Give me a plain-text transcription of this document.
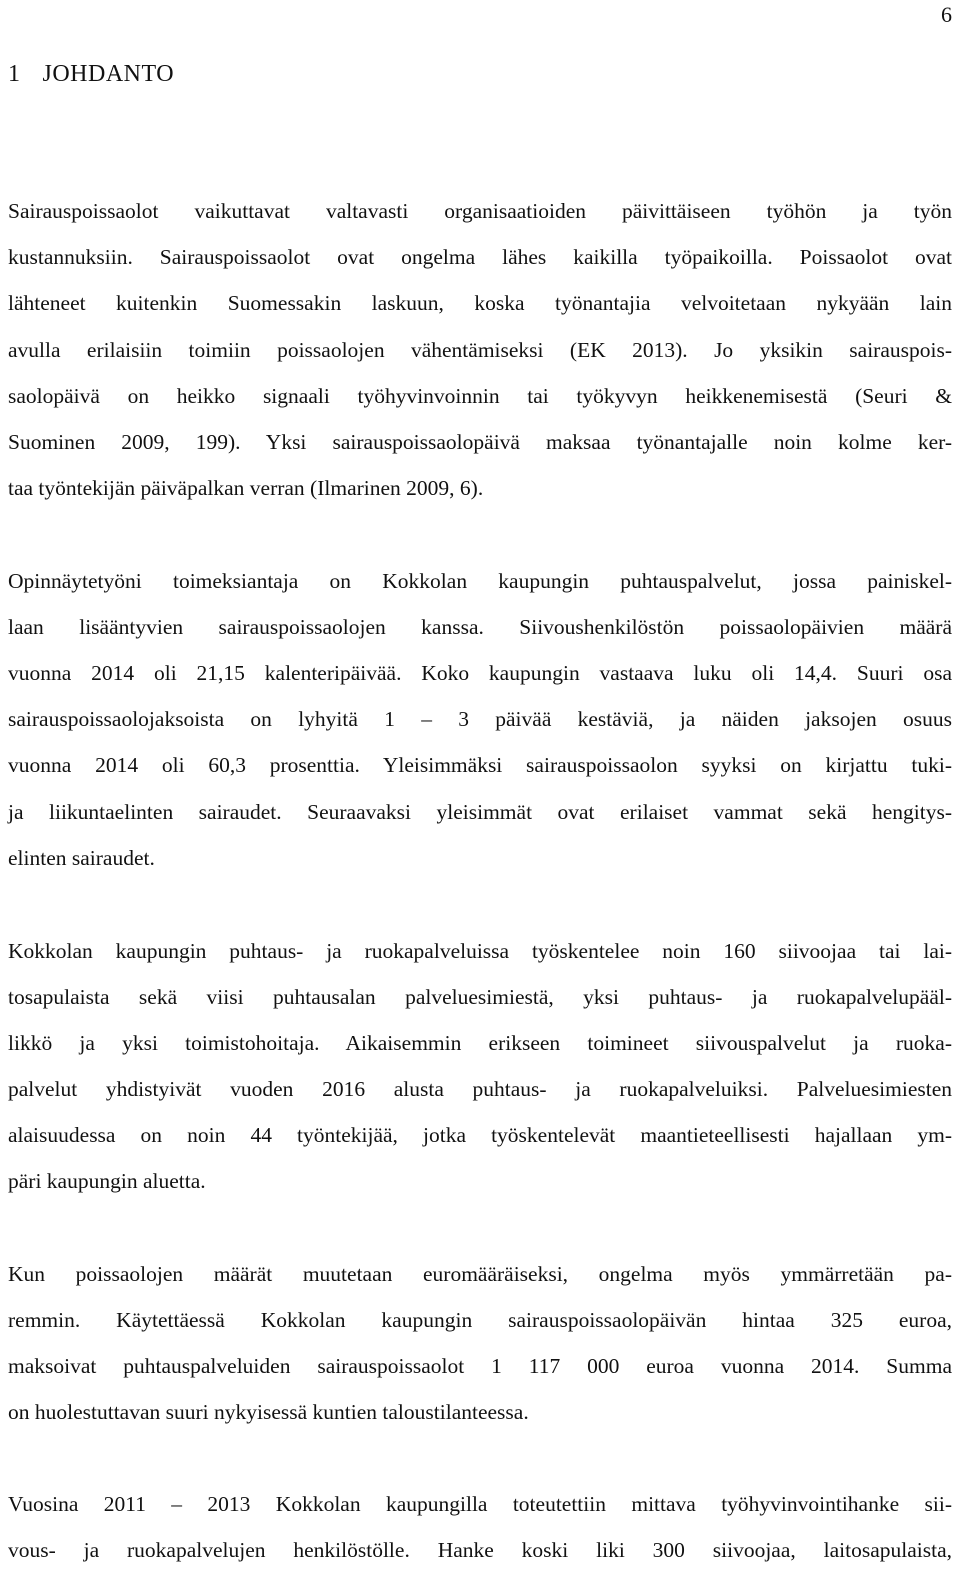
6
1 JOHDANTO
Sairauspoissaolot vaikuttavat valtavasti organisaatioiden päivittäiseen työhön ja työn
kustannuksiin. Sairauspoissaolot ovat ongelma lähes kaikilla työpaikoilla. Poissaolot ovat
lähteneet kuitenkin Suomessakin laskuun, koska työnantajia velvoitetaan nykyään lain
avulla erilaisiin toimiin poissaolojen vähentämiseksi (EK 2013). Jo yksikin sairauspois-
saolopäivä on heikko signaali työhyvinvoinnin tai työkyvyn heikkenemisestä (Seuri &
Suominen 2009, 199). Yksi sairauspoissaolopäivä maksaa työnantajalle noin kolme ker-
taa työntekijän päiväpalkan verran (Ilmarinen 2009, 6).
Opinnäytetyöni toimeksiantaja on Kokkolan kaupungin puhtauspalvelut, jossa painiskel-
laan lisääntyvien sairauspoissaolojen kanssa. Siivoushenkilöstön poissaolopäivien määrä
vuonna 2014 oli 21,15 kalenteripäivää. Koko kaupungin vastaava luku oli 14,4. Suuri osa
sairauspoissaolojaksoista on lyhyitä 1 – 3 päivää kestäviä, ja näiden jaksojen osuus
vuonna 2014 oli 60,3 prosenttia. Yleisimmäksi sairauspoissaolon syyksi on kirjattu tuki-
ja liikuntaelinten sairaudet. Seuraavaksi yleisimmät ovat erilaiset vammat sekä hengitys-
elinten sairaudet.
Kokkolan kaupungin puhtaus- ja ruokapalveluissa työskentelee noin 160 siivoojaa tai lai-
tosapulaista sekä viisi puhtausalan palveluesimiestä, yksi puhtaus- ja ruokapalvelupääl-
likkö ja yksi toimistohoitaja. Aikaisemmin erikseen toimineet siivouspalvelut ja ruoka-
palvelut yhdistyivät vuoden 2016 alusta puhtaus- ja ruokapalveluiksi. Palveluesimiesten
alaisuudessa on noin 44 työntekijää, jotka työskentelevät maantieteellisesti hajallaan ym-
päri kaupungin aluetta.
Kun poissaolojen määrät muutetaan euromääräiseksi, ongelma myös ymmärretään pa-
remmin. Käytettäessä Kokkolan kaupungin sairauspoissaolopäivän hintaa 325 euroa,
maksoivat puhtauspalveluiden sairauspoissaolot 1 117 000 euroa vuonna 2014. Summa
on huolestuttavan suuri nykyisessä kuntien taloustilanteessa.
Vuosina 2011 – 2013 Kokkolan kaupungilla toteutettiin mittava työhyvinvointihanke sii-
vous- ja ruokapalvelujen henkilöstölle. Hanke koski liki 300 siivoojaa, laitosapulaista,
